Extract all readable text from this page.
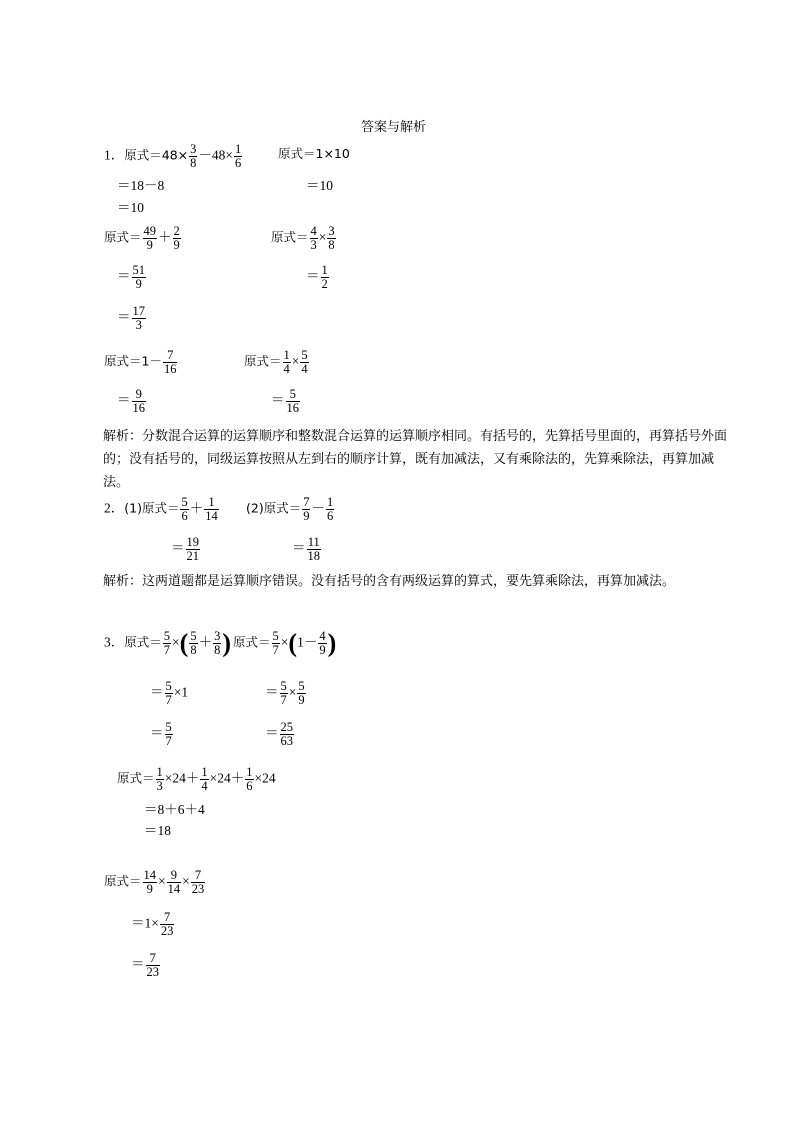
答案与解析
1．原式$=48\times \frac{3}{8} -48\times \frac{1}{6}$	原式＝1×10
＝18－8	＝10
＝10
原式＝ $\frac{49}{9} + \frac{2}{9}$	原式＝ $\frac{4}{3} \times \frac{3}{8}$
＝ $\frac{51}{9}$	＝ $\frac{1}{2}$
＝ $\frac{17}{3}$
原式$=1- \frac{7}{16}$	原式＝ $\frac{1}{4} \times \frac{5}{4}$
＝ $\frac{9}{16}$	＝ $\frac{5}{16}$
解析：分数混合运算的运算顺序和整数混合运算的运算顺序相同。有括号的，先算括号里面的，再算括号外面的；没有括号的，同级运算按照从左到右的顺序计算，既有加减法，又有乘除法的，先算乘除法，再算加减法。
2．(1)原式＝ $\frac{5}{6} + \frac{1}{14} (2)$原式＝ $\frac{7}{9} - \frac{1}{6}$
＝ $\frac{19}{21}$	＝ $\frac{11}{18}$
解析：这两道题都是运算顺序错误。没有括号的含有两级运算的算式，要先算乘除法，再算加减法。
3．原式＝ $\frac{5}{7}$ ×( $\frac{5}{8} + \frac{3}{8}$ ) 原式＝ $\frac{5}{7} \times(1- \frac{4}{9}$ )
＝ $\frac{5}{7} \times 1$	＝ $\frac{5}{7} \times \frac{5}{9}$
＝ $\frac{5}{7}$	＝ $\frac{25}{63}$
原式＝ $\frac{1}{3} \times 24+ \frac{1}{4} \times 24+ \frac{1}{6} \times 24$
＝8＋6＋4
＝18
原式＝ $\frac{14}{9} \times \frac{9}{14} \times \frac{7}{23}$
$=1\times \frac{7}{23}$
＝ $\frac{7}{23}$
